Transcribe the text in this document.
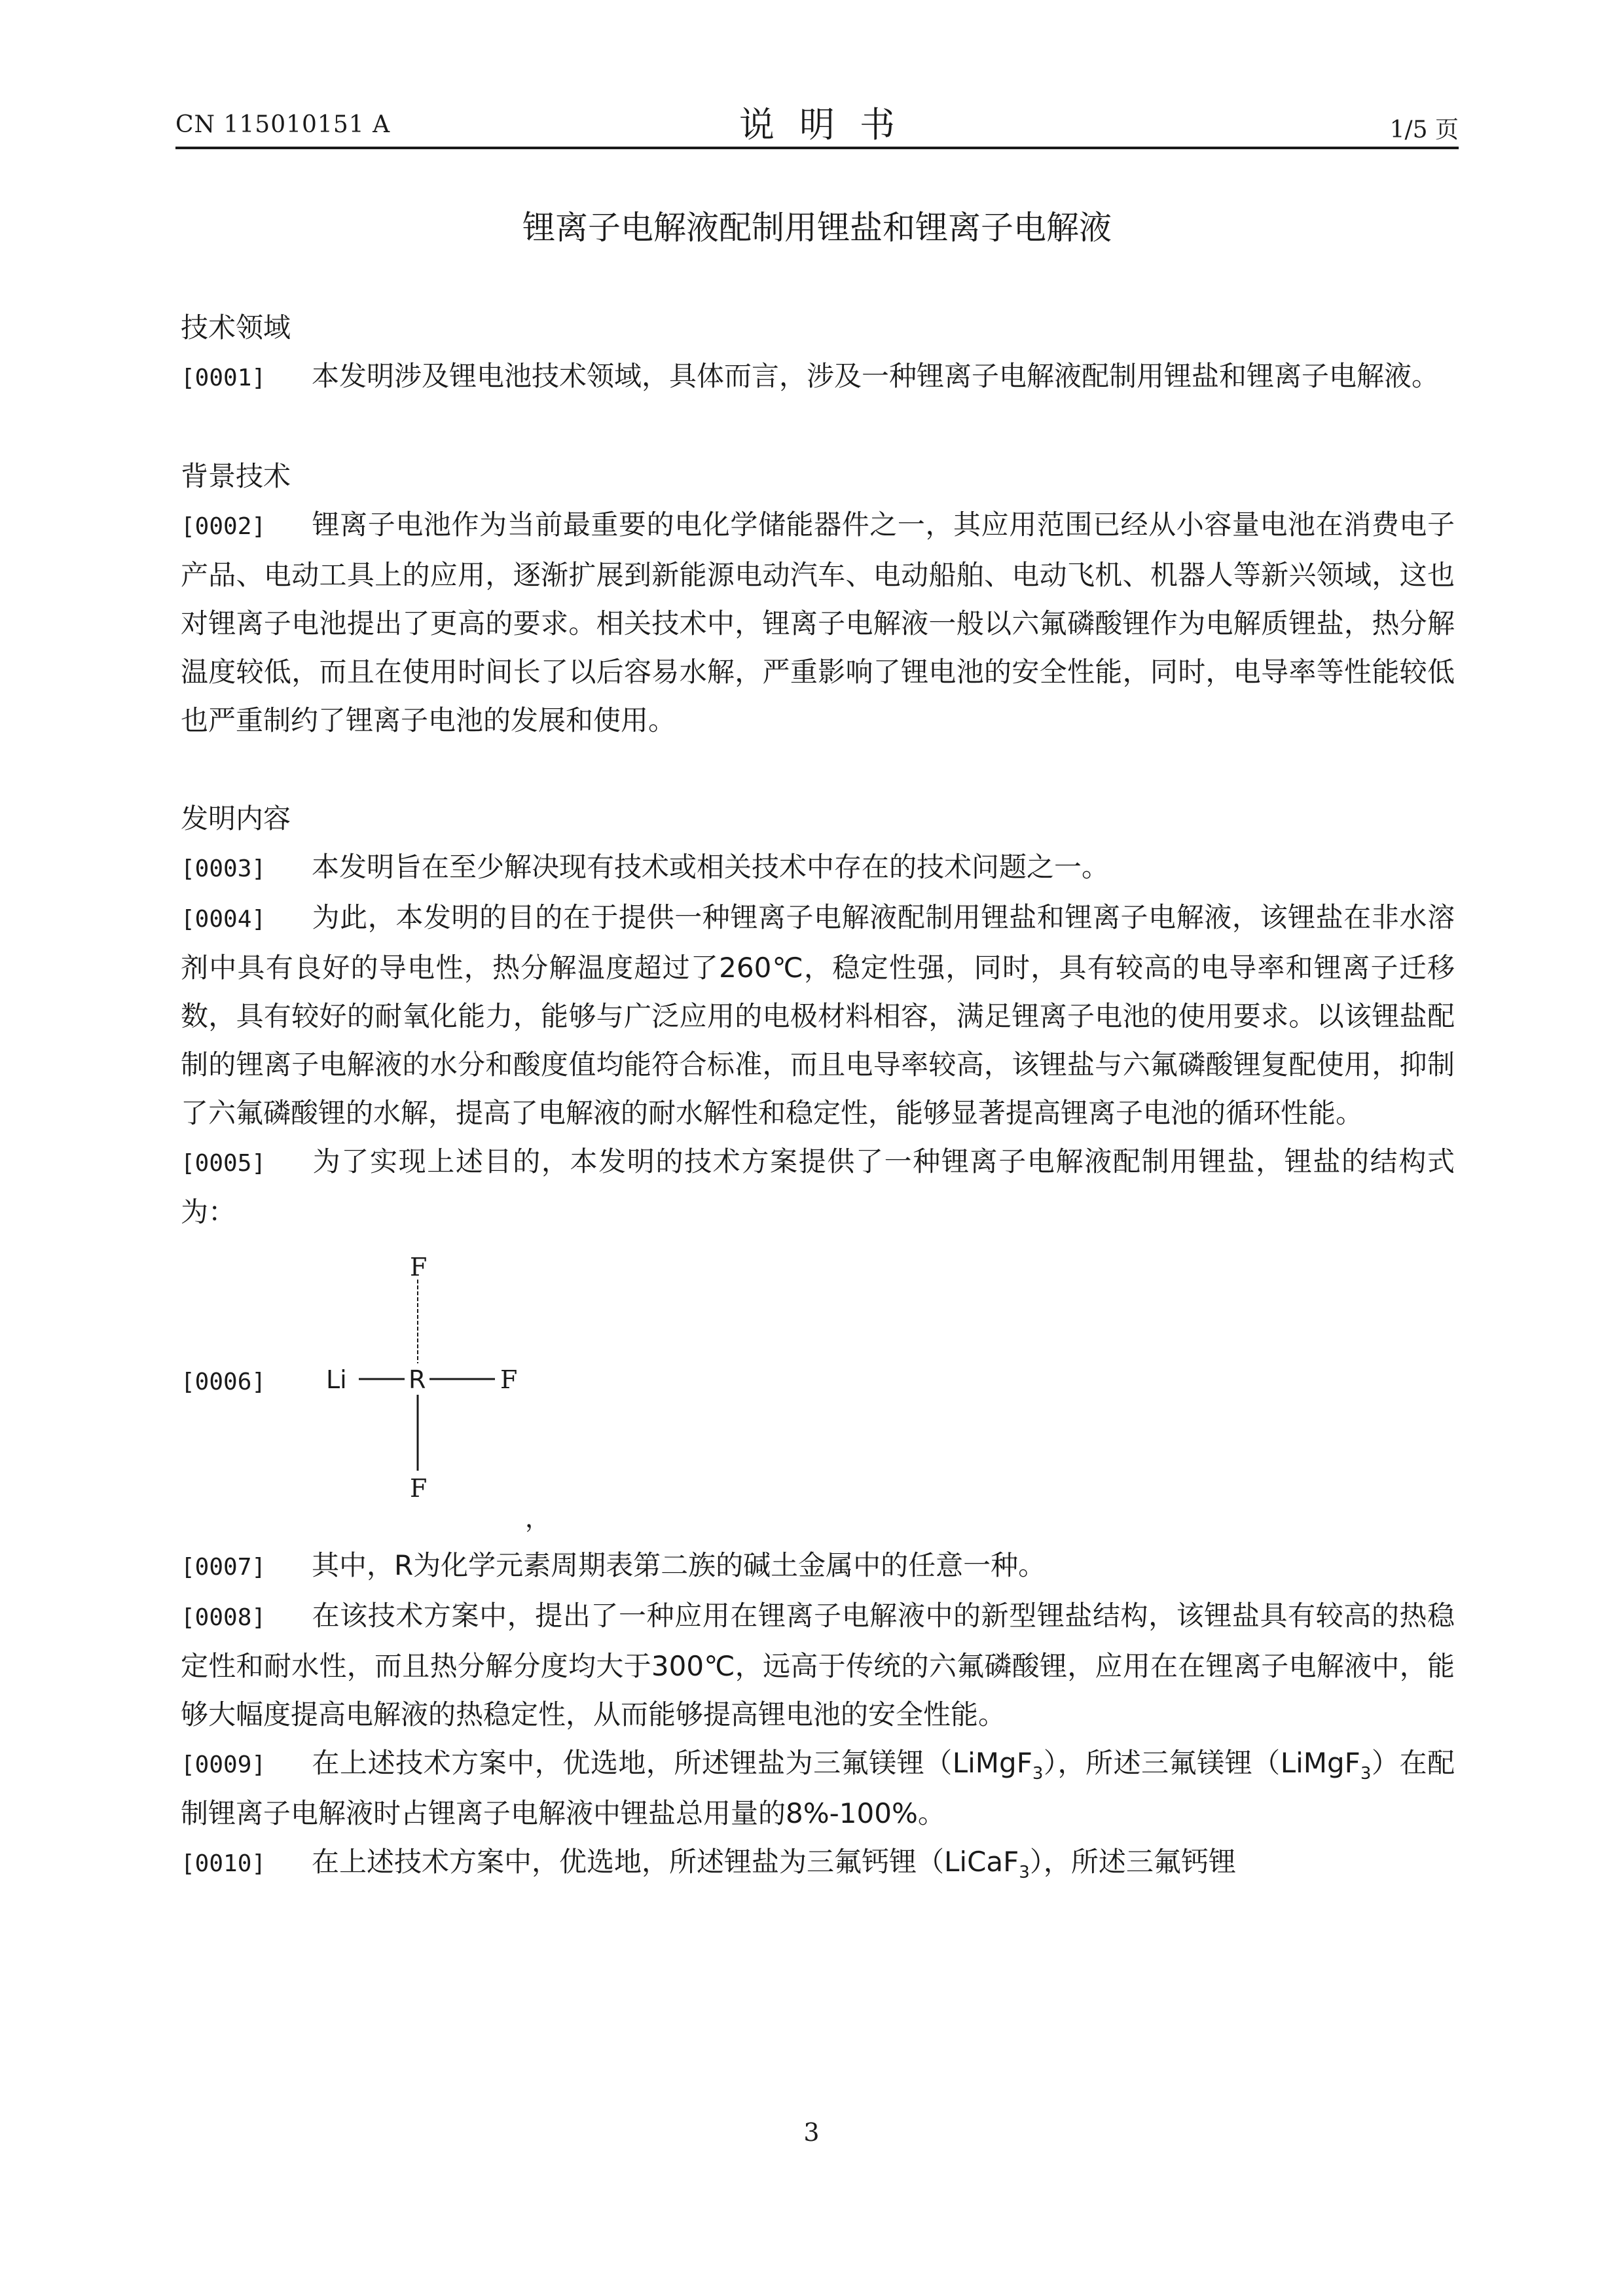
CN 115010151 A	说明书	1/5 页
锂离子电解液配制用锂盐和锂离子电解液

技术领域

[0001] 本发明涉及锂电池技术领域，具体而言，涉及一种锂离子电解液配制用锂盐和锂离子电解液。

背景技术

[0002] 锂离子电池作为当前最重要的电化学储能器件之一，其应用范围已经从小容量电池在消费电子产品、电动工具上的应用，逐渐扩展到新能源电动汽车、电动船舶、电动飞机、机器人等新兴领域，这也对锂离子电池提出了更高的要求。相关技术中，锂离子电解液一般以六氟磷酸锂作为电解质锂盐，热分解温度较低，而且在使用时间长了以后容易水解，严重影响了锂电池的安全性能，同时，电导率等性能较低也严重制约了锂离子电池的发展和使用。

发明内容

[0003] 本发明旨在至少解决现有技术或相关技术中存在的技术问题之一。

[0004] 为此，本发明的目的在于提供一种锂离子电解液配制用锂盐和锂离子电解液，该锂盐在非水溶剂中具有良好的导电性，热分解温度超过了260℃，稳定性强，同时，具有较高的电导率和锂离子迁移数，具有较好的耐氧化能力，能够与广泛应用的电极材料相容，满足锂离子电池的使用要求。以该锂盐配制的锂离子电解液的水分和酸度值均能符合标准，而且电导率较高，该锂盐与六氟磷酸锂复配使用，抑制了六氟磷酸锂的水解，提高了电解液的耐水解性和稳定性，能够显著提高锂离子电池的循环性能。

[0005] 为了实现上述目的，本发明的技术方案提供了一种锂离子电解液配制用锂盐，锂盐的结构式为：

[0006]	Li R
F
F
F
，

[0007] 其中，R为化学元素周期表第二族的碱土金属中的任意一种。

[0008] 在该技术方案中，提出了一种应用在锂离子电解液中的新型锂盐结构，该锂盐具有较高的热稳定性和耐水性，而且热分解分度均大于300℃，远高于传统的六氟磷酸锂，应用在在锂离子电解液中，能够大幅度提高电解液的热稳定性，从而能够提高锂电池的安全性能。

[0009] 在上述技术方案中，优选地，所述锂盐为三氟镁锂（LiMgF$_3$），所述三氟镁锂（LiMgF$_3$）在配制锂离子电解液时占锂离子电解液中锂盐总用量的8%-100%。

[0010] 在上述技术方案中，优选地，所述锂盐为三氟钙锂（LiCaF$_3$），所述三氟钙锂

3
